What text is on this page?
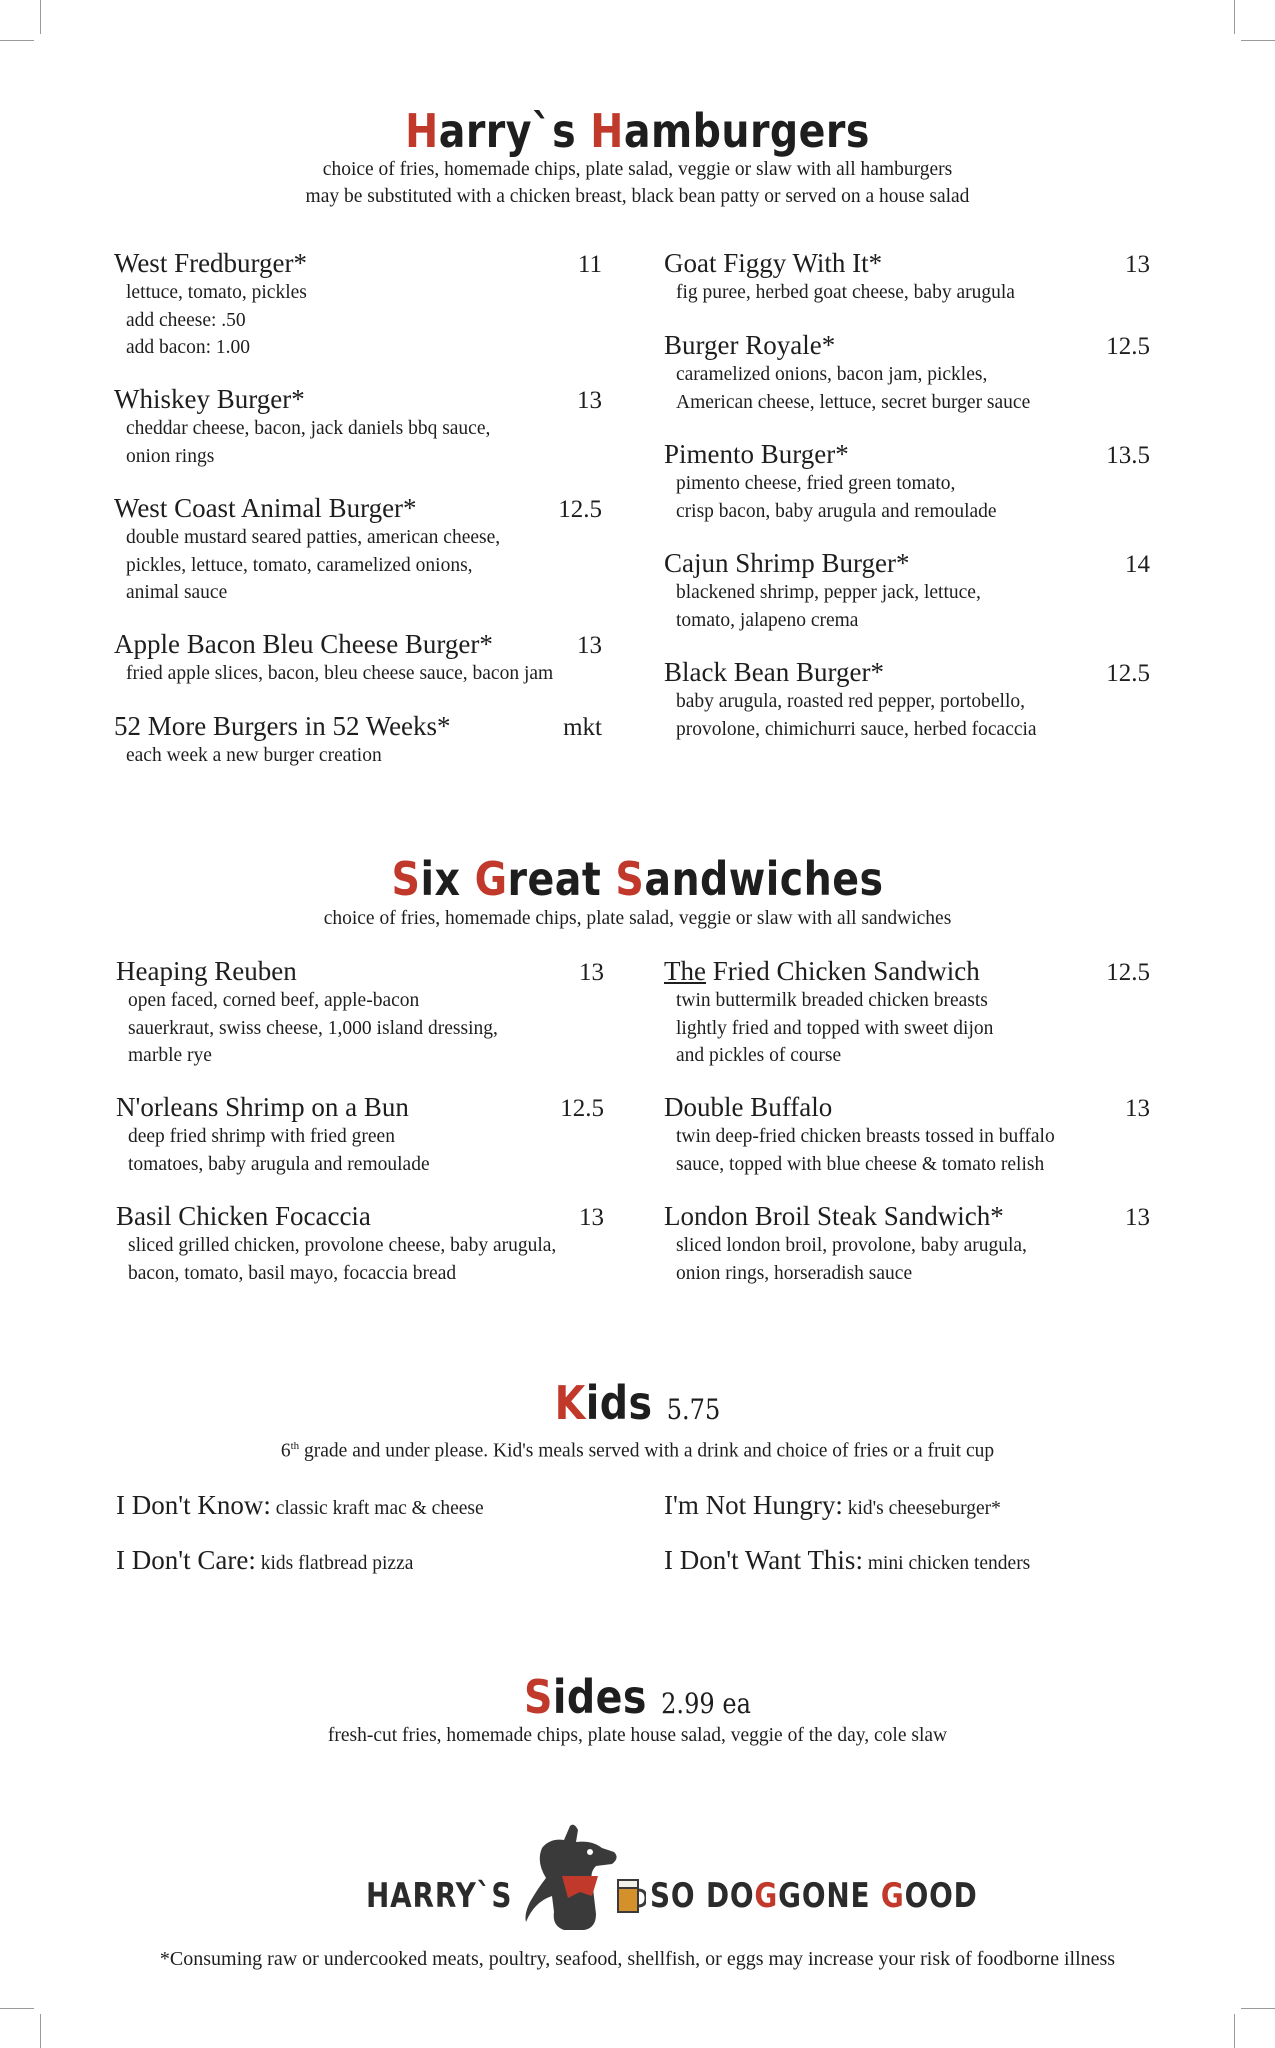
Harry`s Hamburgers
choice of fries, homemade chips, plate salad, veggie or slaw with all hamburgers
may be substituted with a chicken breast, black bean patty or served on a house salad
West Fredburger*	11
lettuce, tomato, pickles
add cheese: .50
add bacon: 1.00
Whiskey Burger*	13
cheddar cheese, bacon, jack daniels bbq sauce,
onion rings
West Coast Animal Burger*	12.5
double mustard seared patties, american cheese,
pickles, lettuce, tomato, caramelized onions,
animal sauce
Apple Bacon Bleu Cheese Burger*	13
fried apple slices, bacon, bleu cheese sauce, bacon jam
52 More Burgers in 52 Weeks*	mkt
each week a new burger creation
Goat Figgy With It*	13
fig puree, herbed goat cheese, baby arugula
Burger Royale*	12.5
caramelized onions, bacon jam, pickles,
American cheese, lettuce, secret burger sauce
Pimento Burger*	13.5
pimento cheese, fried green tomato,
crisp bacon, baby arugula and remoulade
Cajun Shrimp Burger*	14
blackened shrimp, pepper jack, lettuce,
tomato, jalapeno crema
Black Bean Burger*	12.5
baby arugula, roasted red pepper, portobello,
provolone, chimichurri sauce, herbed focaccia
Six Great Sandwiches
choice of fries, homemade chips, plate salad, veggie or slaw with all sandwiches
Heaping Reuben	13
open faced, corned beef, apple-bacon
sauerkraut, swiss cheese, 1,000 island dressing,
marble rye
N'orleans Shrimp on a Bun	12.5
deep fried shrimp with fried green
tomatoes, baby arugula and remoulade
Basil Chicken Focaccia	13
sliced grilled chicken, provolone cheese, baby arugula,
bacon, tomato, basil mayo, focaccia bread
The Fried Chicken Sandwich	12.5
twin buttermilk breaded chicken breasts
lightly fried and topped with sweet dijon
and pickles of course
Double Buffalo	13
twin deep-fried chicken breasts tossed in buffalo
sauce, topped with blue cheese & tomato relish
London Broil Steak Sandwich*	13
sliced london broil, provolone, baby arugula,
onion rings, horseradish sauce
Kids 5.75
6th grade and under please. Kid's meals served with a drink and choice of fries or a fruit cup
I Don't Know: classic kraft mac & cheese	I'm Not Hungry: kid's cheeseburger*
I Don't Care: kids flatbread pizza	I Don't Want This: mini chicken tenders
Sides 2.99 ea
fresh-cut fries, homemade chips, plate house salad, veggie of the day, cole slaw
HARRY`S	SO DOGGONE GOOD
*Consuming raw or undercooked meats, poultry, seafood, shellfish, or eggs may increase your risk of foodborne illness
